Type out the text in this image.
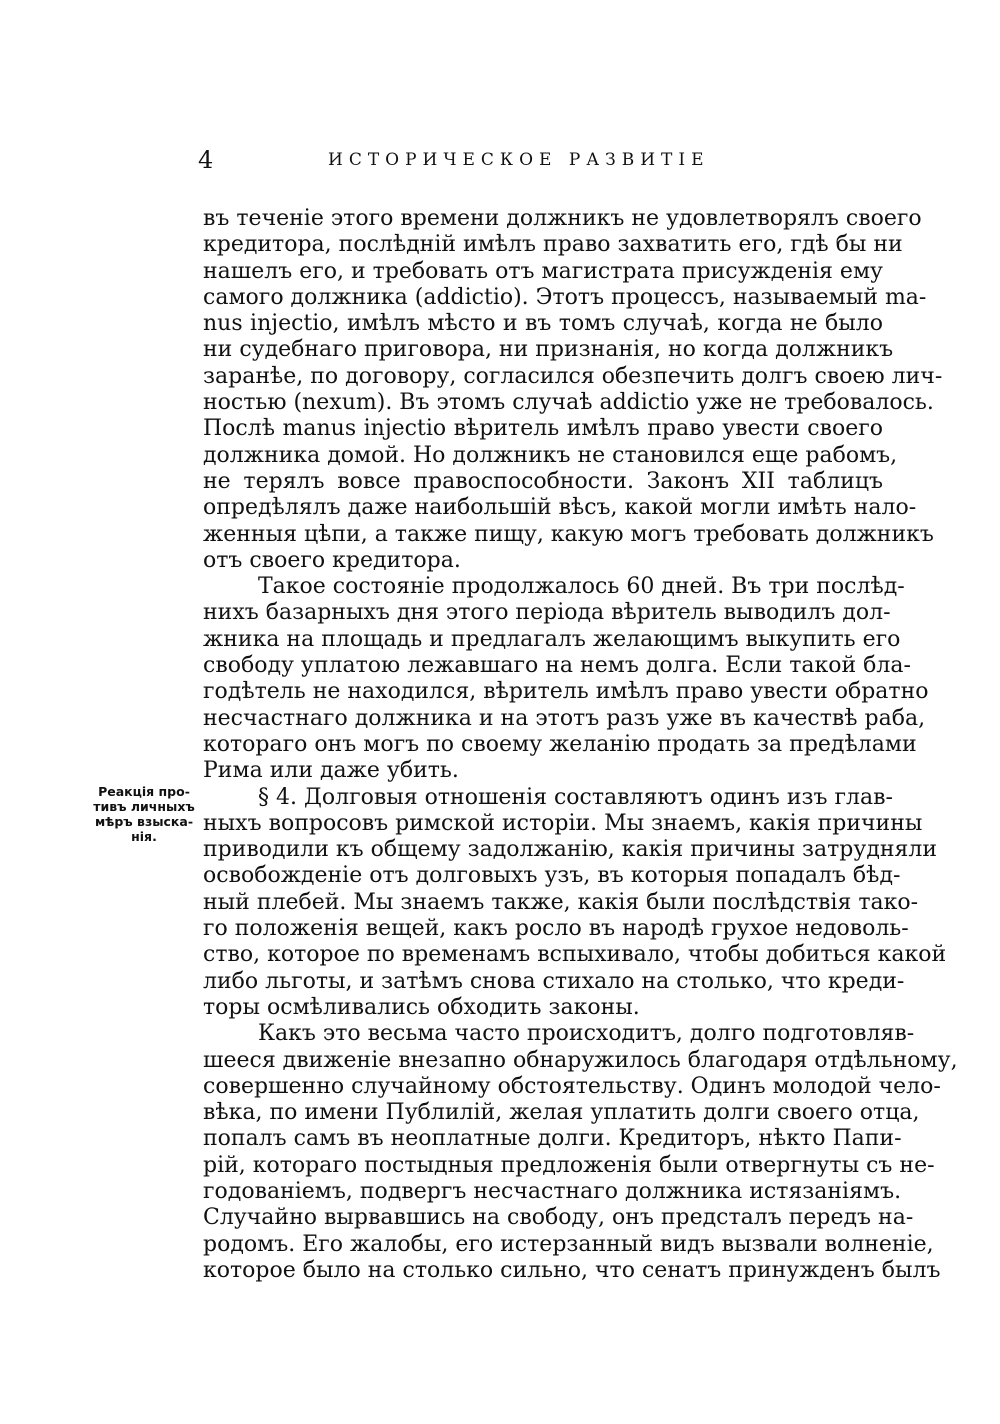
4	ИСТОРИЧЕСКОЕ РАЗВИТIЕ
Реакція про-
тивъ личныхъ
мѣръ взыска-
нія.
въ теченіе этого времени должникъ не удовлетворялъ своего
кредитора, послѣдній имѣлъ право захватить его, гдѣ бы ни
нашелъ его, и требовать отъ магистрата присужденія ему
самого должника (addictio). Этотъ процессъ, называемый ma-
nus injectio, имѣлъ мѣсто и въ томъ случаѣ, когда не было
ни судебнаго приговора, ни признанія, но когда должникъ
заранѣе, по договору, согласился обезпечить долгъ своею лич-
ностью (nexum). Въ этомъ случаѣ addictio уже не требовалось.
Послѣ manus injectio вѣритель имѣлъ право увести своего
должника домой. Но должникъ не становился еще рабомъ,
не терялъ вовсе правоспособности. Законъ XII таблицъ
опредѣлялъ даже наибольшій вѣсъ, какой могли имѣть нало-
женныя цѣпи, а также пищу, какую могъ требовать должникъ
отъ своего кредитора.
Такое состояніе продолжалось 60 дней. Въ три послѣд-
нихъ базарныхъ дня этого періода вѣритель выводилъ дол-
жника на площадь и предлагалъ желающимъ выкупить его
свободу уплатою лежавшаго на немъ долга. Если такой бла-
годѣтель не находился, вѣритель имѣлъ право увести обратно
несчастнаго должника и на этотъ разъ уже въ качествѣ раба,
котораго онъ могъ по своему желанію продать за предѣлами
Рима или даже убить.
§ 4. Долговыя отношенія составляютъ одинъ изъ глав-
ныхъ вопросовъ римской исторіи. Мы знаемъ, какія причины
приводили къ общему задолжанію, какія причины затрудняли
освобожденіе отъ долговыхъ узъ, въ которыя попадалъ бѣд-
ный плебей. Мы знаемъ также, какія были послѣдствія тако-
го положенія вещей, какъ росло въ народѣ грухое недоволь-
ство, которое по временамъ вспыхивало, чтобы добиться какой
либо льготы, и затѣмъ снова стихало на столько, что креди-
торы осмѣливались обходить законы.
Какъ это весьма часто происходитъ, долго подготовляв-
шееся движеніе внезапно обнаружилось благодаря отдѣльному,
совершенно случайному обстоятельству. Одинъ молодой чело-
вѣка, по имени Публилій, желая уплатить долги своего отца,
попалъ самъ въ неоплатные долги. Кредиторъ, нѣкто Папи-
рій, котораго постыдныя предложенія были отвергнуты съ не-
годованіемъ, подвергъ несчастнаго должника истязаніямъ.
Случайно вырвавшись на свободу, онъ предсталъ передъ на-
родомъ. Его жалобы, его истерзанный видъ вызвали волненіе,
которое было на столько сильно, что сенатъ принужденъ былъ
